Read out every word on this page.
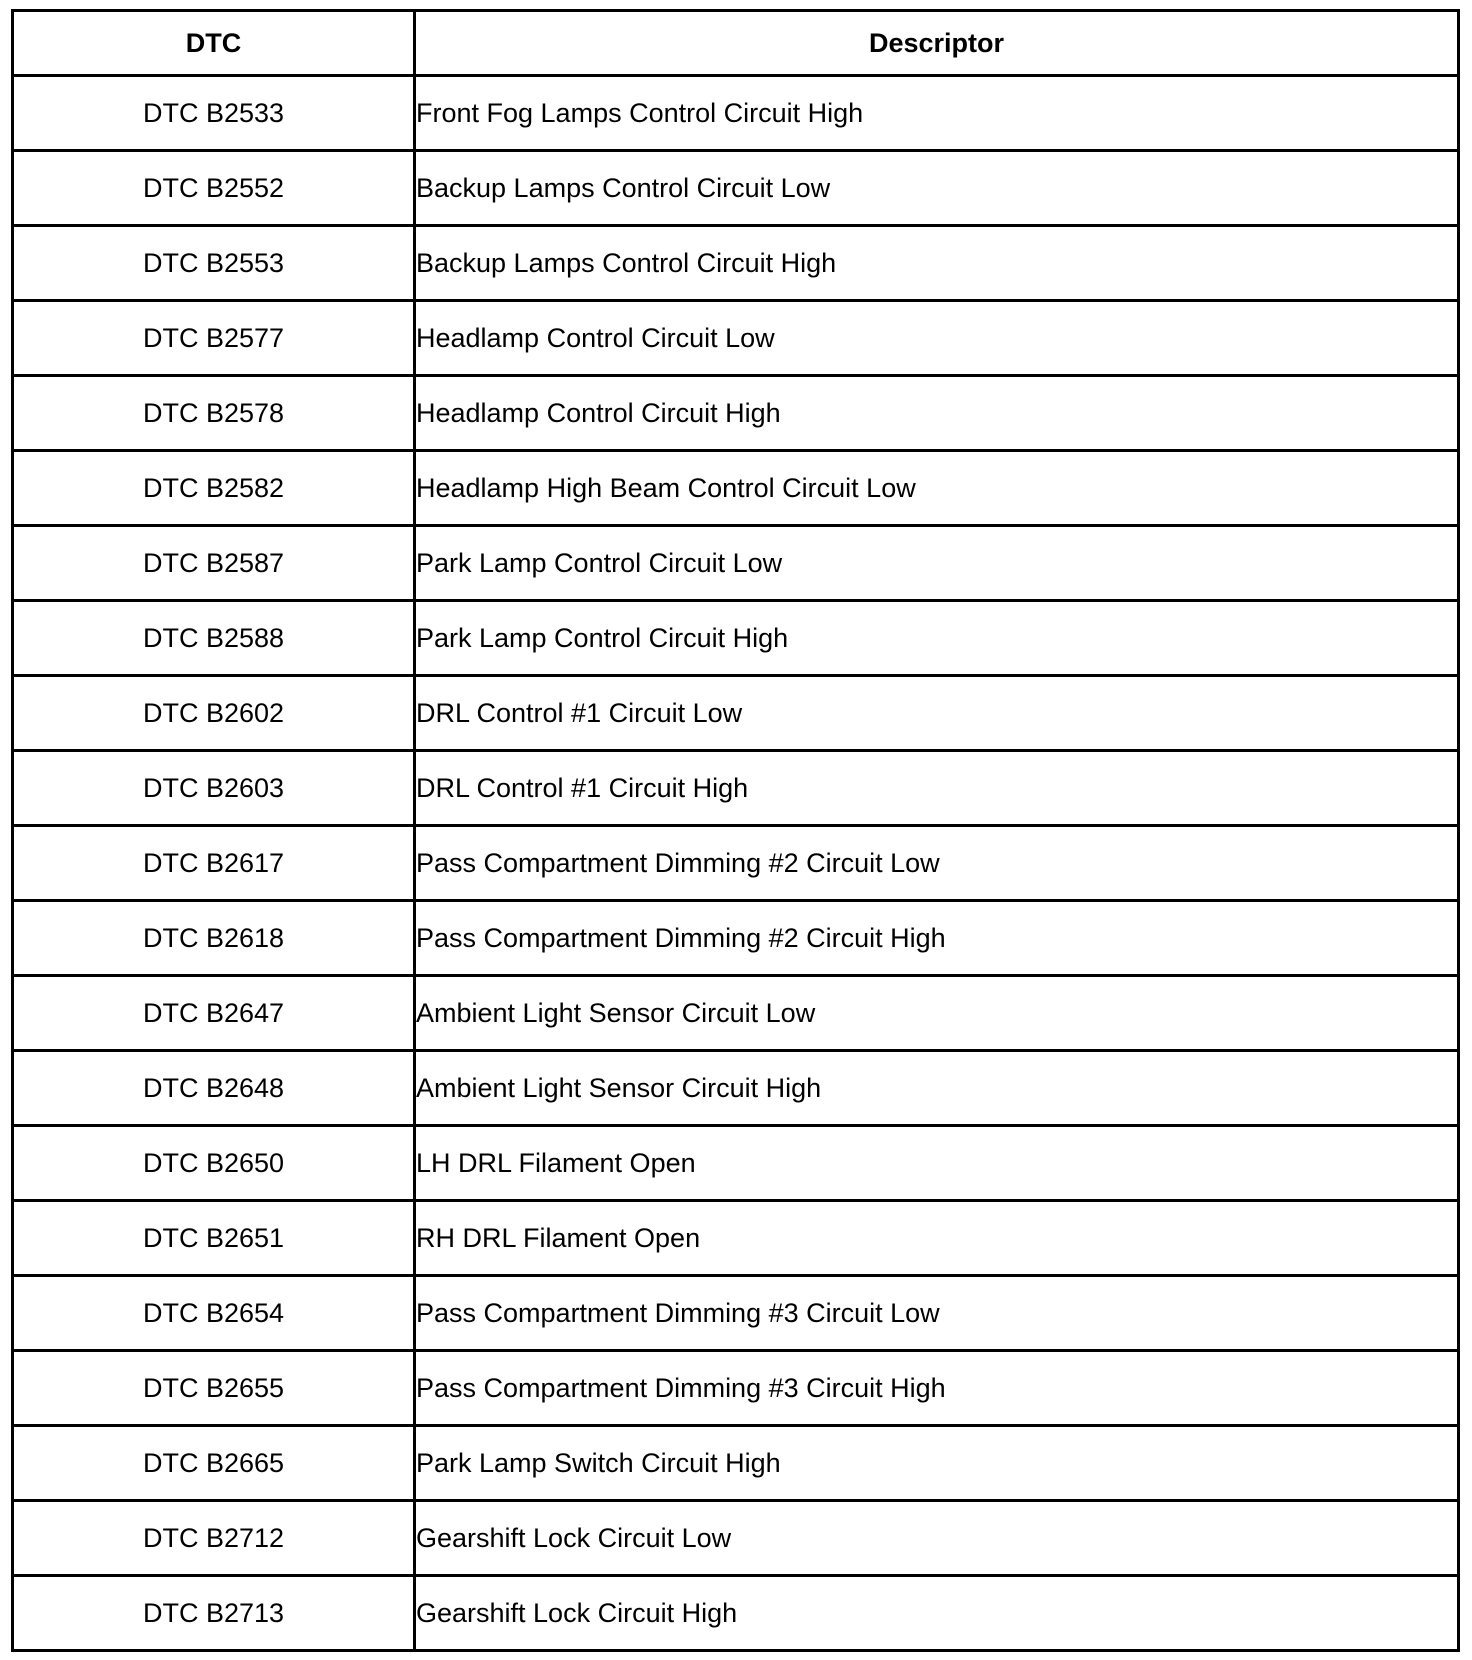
DTC	Descriptor
DTC B2533	Front Fog Lamps Control Circuit High
DTC B2552	Backup Lamps Control Circuit Low
DTC B2553	Backup Lamps Control Circuit High
DTC B2577	Headlamp Control Circuit Low
DTC B2578	Headlamp Control Circuit High
DTC B2582	Headlamp High Beam Control Circuit Low
DTC B2587	Park Lamp Control Circuit Low
DTC B2588	Park Lamp Control Circuit High
DTC B2602	DRL Control #1 Circuit Low
DTC B2603	DRL Control #1 Circuit High
DTC B2617	Pass Compartment Dimming #2 Circuit Low
DTC B2618	Pass Compartment Dimming #2 Circuit High
DTC B2647	Ambient Light Sensor Circuit Low
DTC B2648	Ambient Light Sensor Circuit High
DTC B2650	LH DRL Filament Open
DTC B2651	RH DRL Filament Open
DTC B2654	Pass Compartment Dimming #3 Circuit Low
DTC B2655	Pass Compartment Dimming #3 Circuit High
DTC B2665	Park Lamp Switch Circuit High
DTC B2712	Gearshift Lock Circuit Low
DTC B2713	Gearshift Lock Circuit High
